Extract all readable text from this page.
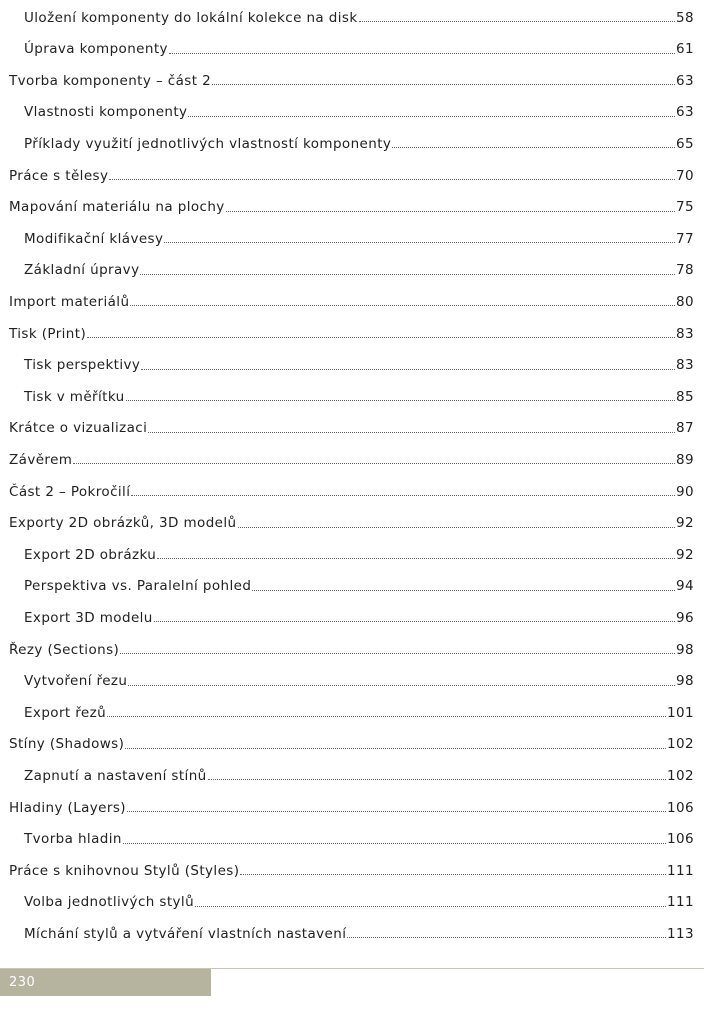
Uložení komponenty do lokální kolekce na disk	58
Úprava komponenty	61
Tvorba komponenty – část 2	63
Vlastnosti komponenty	63
Příklady využití jednotlivých vlastností komponenty	65
Práce s tělesy	70
Mapování materiálu na plochy	75
Modifikační klávesy	77
Základní úpravy	78
Import materiálů	80
Tisk (Print)	83
Tisk perspektivy	83
Tisk v měřítku	85
Krátce o vizualizaci	87
Závěrem	89
Část 2 – Pokročilí	90
Exporty 2D obrázků, 3D modelů	92
Export 2D obrázku	92
Perspektiva vs. Paralelní pohled	94
Export 3D modelu	96
Řezy (Sections)	98
Vytvoření řezu	98
Export řezů	101
Stíny (Shadows)	102
Zapnutí a nastavení stínů	102
Hladiny (Layers)	106
Tvorba hladin	106
Práce s knihovnou Stylů (Styles)	111
Volba jednotlivých stylů	111
Míchání stylů a vytváření vlastních nastavení	113
230
